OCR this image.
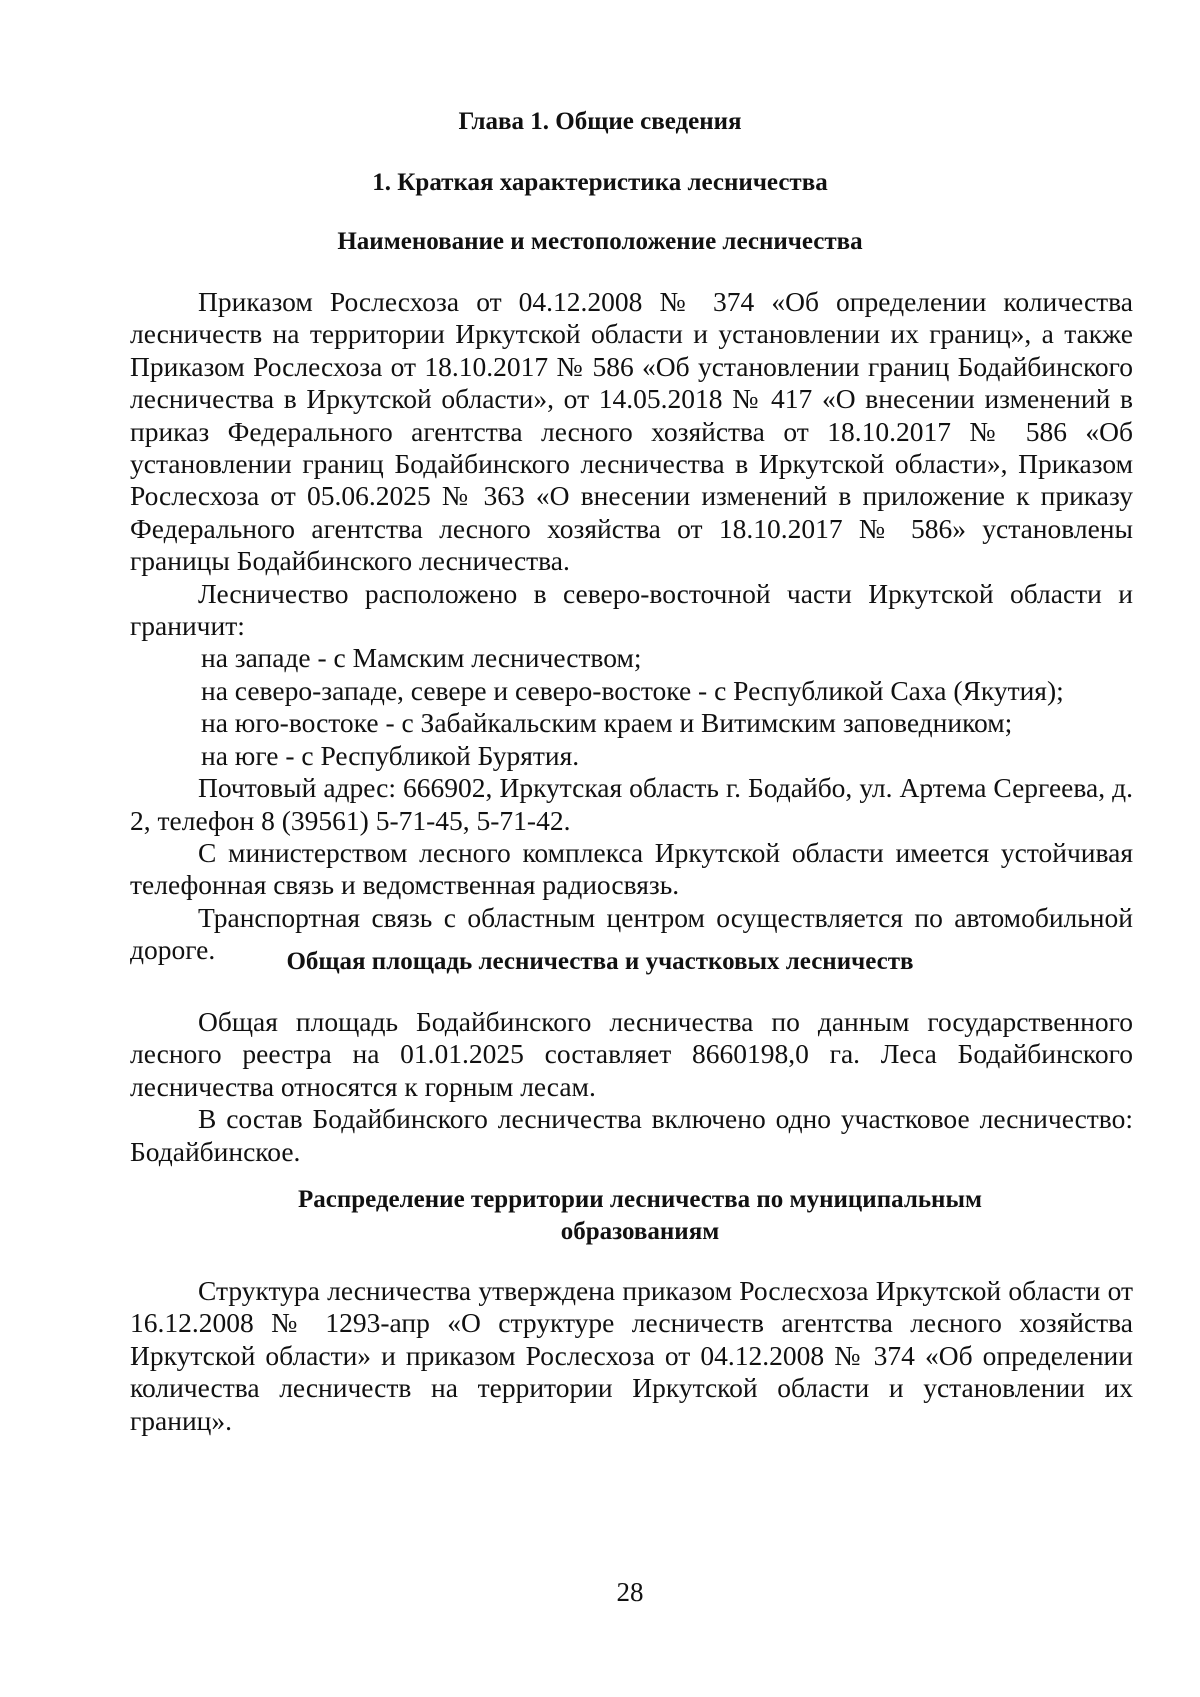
Глава 1. Общие сведения
1. Краткая характеристика лесничества
Наименование и местоположение лесничества

Приказом Рослесхоза от 04.12.2008 № 374 «Об определении количества лесничеств на территории Иркутской области и установлении их границ», а также Приказом Рослесхоза от 18.10.2017 № 586 «Об установлении границ Бодайбинского лесничества в Иркутской области», от 14.05.2018 № 417 «О внесении изменений в приказ Федерального агентства лесного хозяйства от 18.10.2017 № 586 «Об установлении границ Бодайбинского лесничества в Иркутской области», Приказом Рослесхоза от 05.06.2025 № 363 «О внесении изменений в приложение к приказу Федерального агентства лесного хозяйства от 18.10.2017 № 586» установлены границы Бодайбинского лесничества.

Лесничество расположено в северо-восточной части Иркутской области и граничит:

на западе - с Мамским лесничеством;

на северо-западе, севере и северо-востоке - с Республикой Саха (Якутия);

на юго-востоке - с Забайкальским краем и Витимским заповедником;

на юге - с Республикой Бурятия.

Почтовый адрес: 666902, Иркутская область г. Бодайбо, ул. Артема Сергеева, д. 2, телефон 8 (39561) 5-71-45, 5-71-42.

С министерством лесного комплекса Иркутской области имеется устойчивая телефонная связь и ведомственная радиосвязь.

Транспортная связь с областным центром осуществляется по автомобильной дороге.	Общая площадь лесничества и участковых лесничеств

Общая площадь Бодайбинского лесничества по данным государственного лесного реестра на 01.01.2025 составляет 8660198,0 га. Леса Бодайбинского лесничества относятся к горным лесам.

В состав Бодайбинского лесничества включено одно участковое лесничество: Бодайбинское.

Распределение территории лесничества по муниципальным
образованиям

Структура лесничества утверждена приказом Рослесхоза Иркутской области от 16.12.2008 № 1293-апр «О структуре лесничеств агентства лесного хозяйства Иркутской области» и приказом Рослесхоза от 04.12.2008 № 374 «Об определении количества лесничеств на территории Иркутской области и установлении их границ».

28
